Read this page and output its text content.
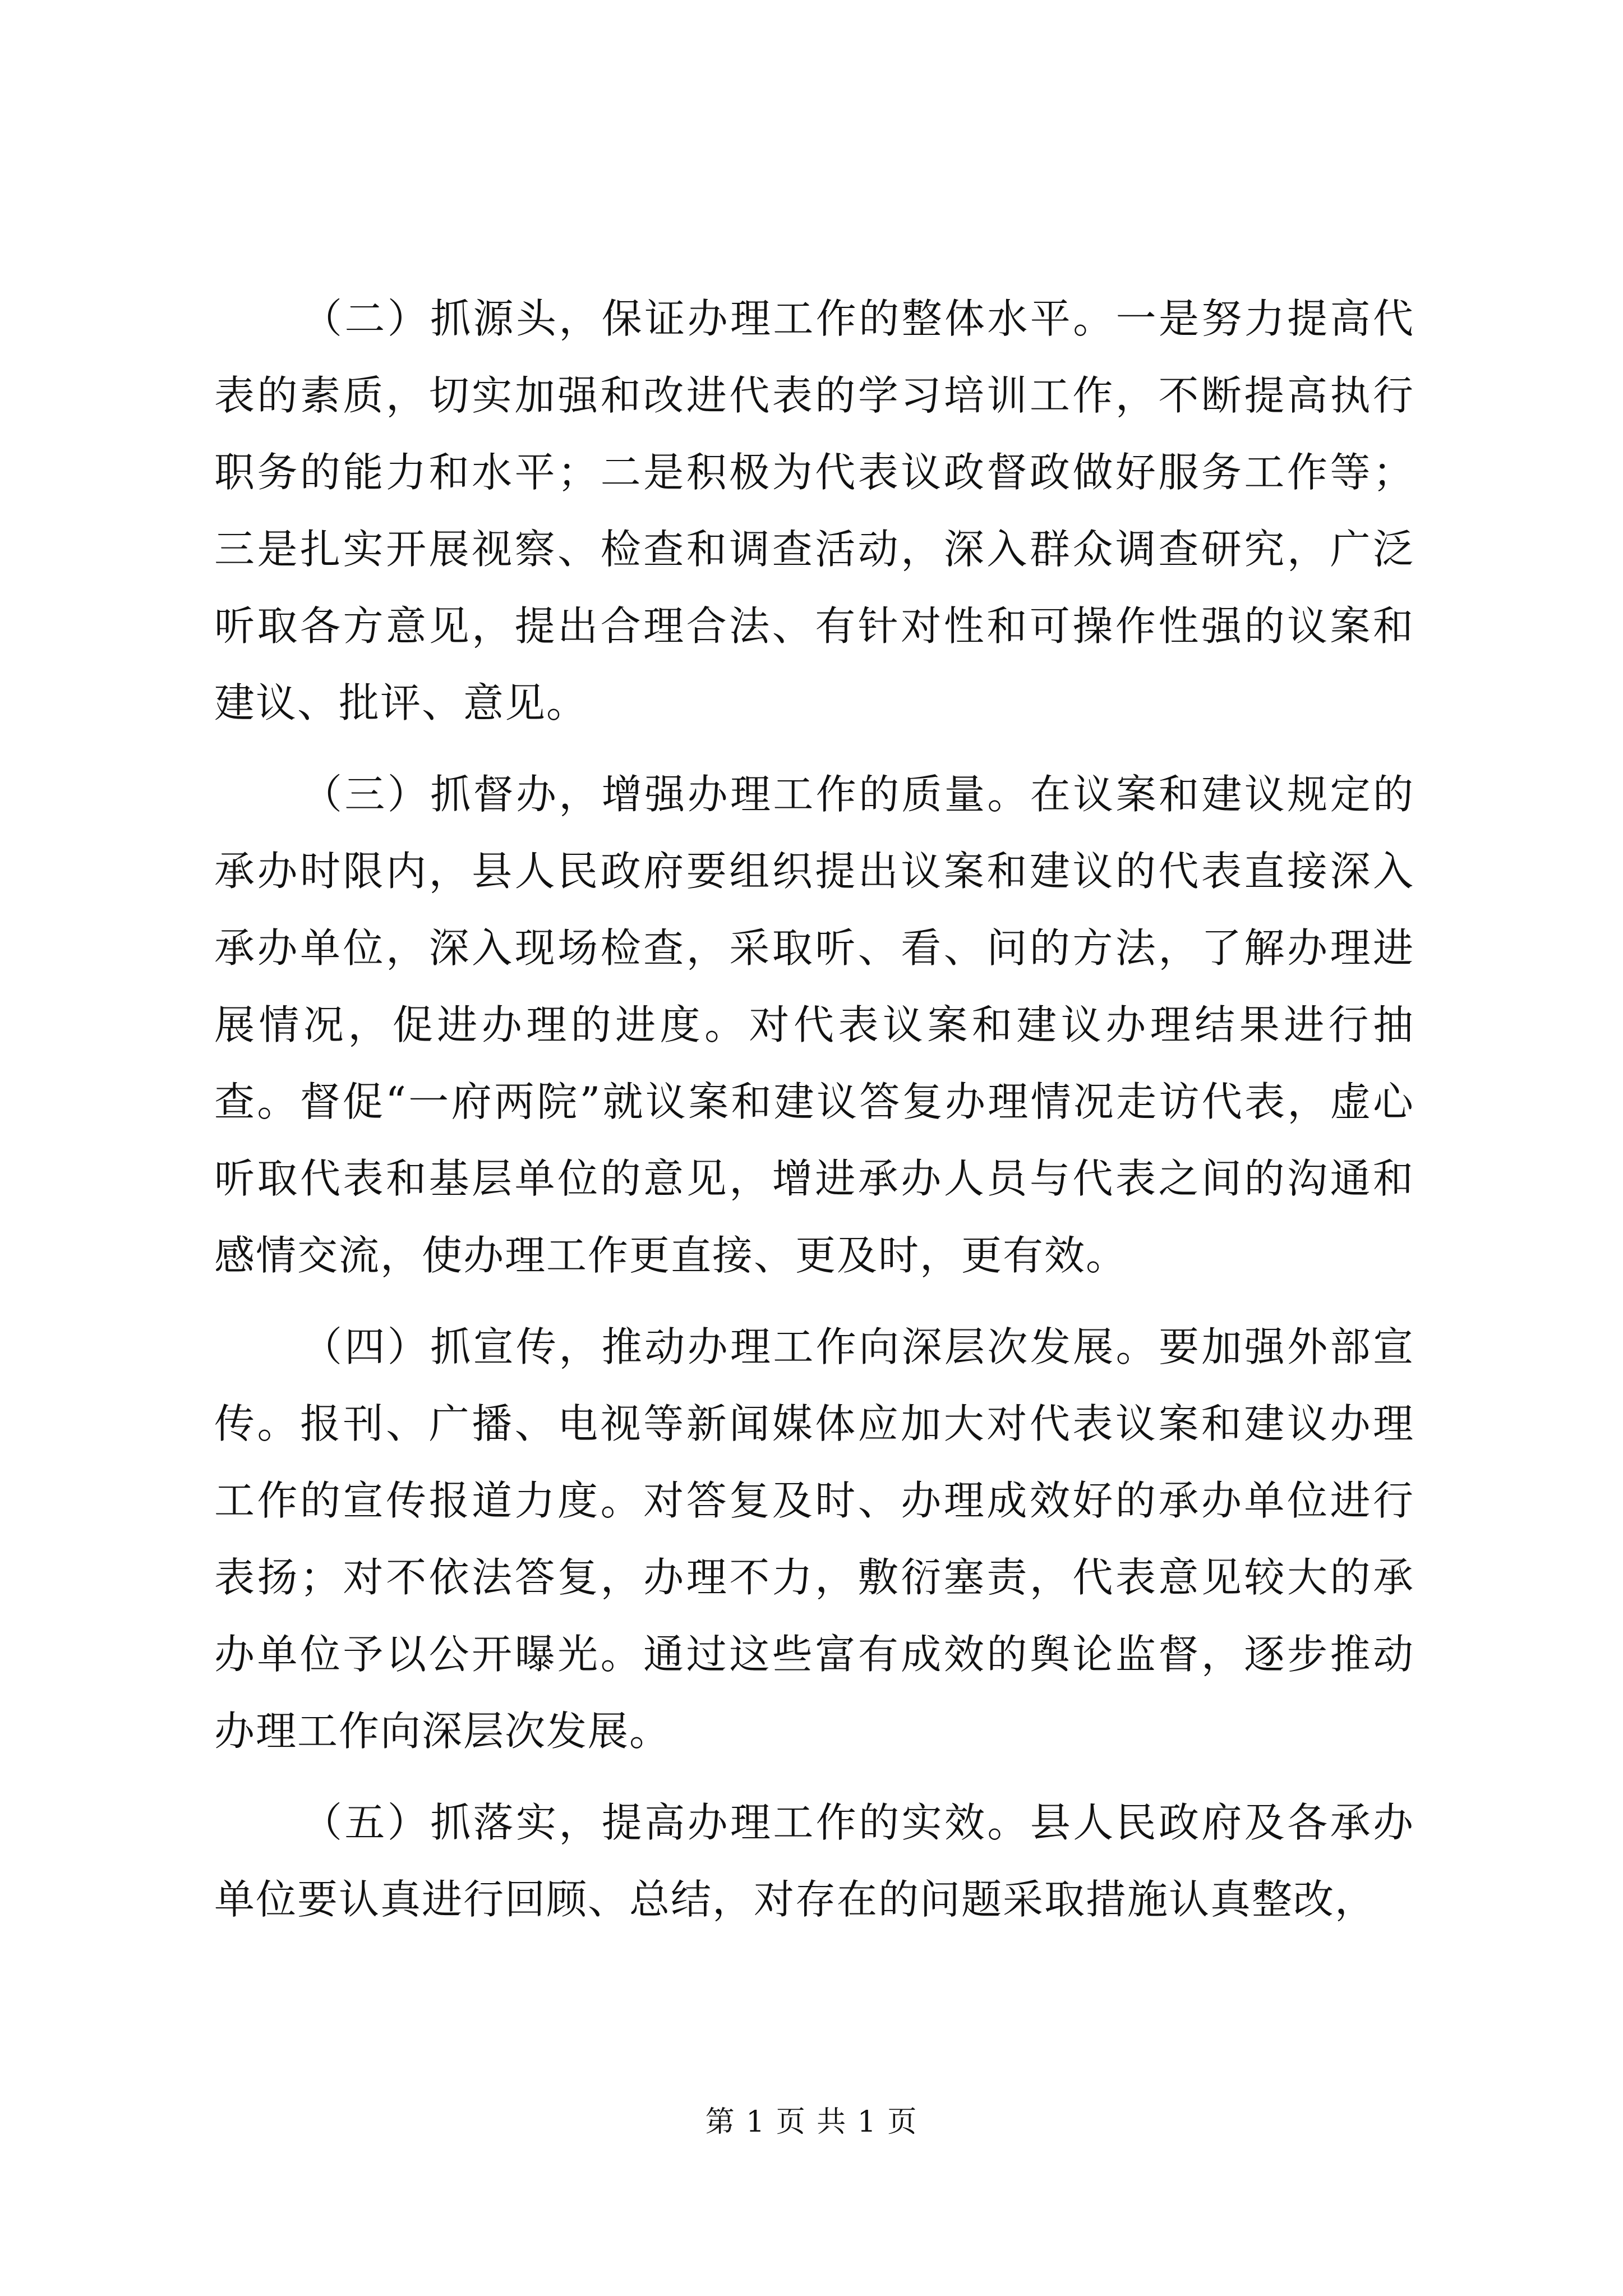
（二）抓源头，保证办理工作的整体水平。一是努力提高代表的素质，切实加强和改进代表的学习培训工作，不断提高执行职务的能力和水平；二是积极为代表议政督政做好服务工作等；三是扎实开展视察、检查和调查活动，深入群众调查研究，广泛听取各方意见，提出合理合法、有针对性和可操作性强的议案和建议、批评、意见。

（三）抓督办，增强办理工作的质量。在议案和建议规定的承办时限内，县人民政府要组织提出议案和建议的代表直接深入承办单位，深入现场检查，采取听、看、问的方法，了解办理进展情况，促进办理的进度。对代表议案和建议办理结果进行抽查。督促“一府两院”就议案和建议答复办理情况走访代表，虚心听取代表和基层单位的意见，增进承办人员与代表之间的沟通和感情交流，使办理工作更直接、更及时，更有效。

（四）抓宣传，推动办理工作向深层次发展。要加强外部宣传。报刊、广播、电视等新闻媒体应加大对代表议案和建议办理工作的宣传报道力度。对答复及时、办理成效好的承办单位进行表扬；对不依法答复，办理不力，敷衍塞责，代表意见较大的承办单位予以公开曝光。通过这些富有成效的舆论监督，逐步推动办理工作向深层次发展。

（五）抓落实，提高办理工作的实效。县人民政府及各承办单位要认真进行回顾、总结，对存在的问题采取措施认真整改，

第 1 页 共 1 页
